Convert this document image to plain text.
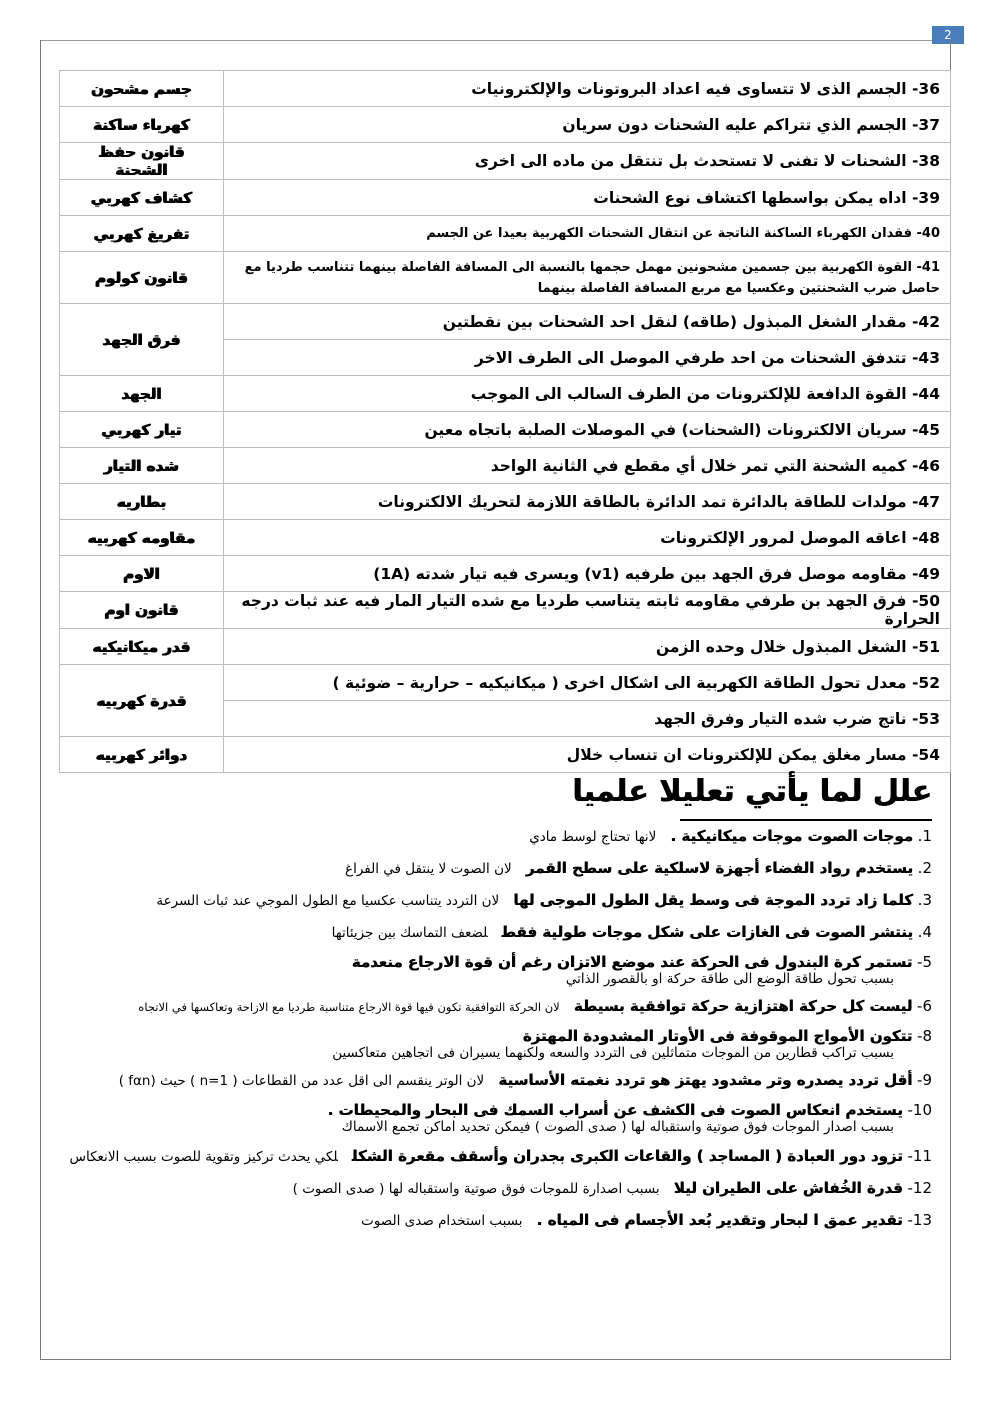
2
36- الجسم الذى لا تتساوى فيه اعداد البروتونات والإلكترونيات	جسم مشحون
37- الجسم الذي تتراكم عليه الشحنات دون سريان	كهرباء ساكنة
38- الشحنات لا تفنى لا تستحدث بل تنتقل من ماده الى اخرى	قانون حفظ الشحنة
39- اداه يمكن بواسطها اكتشاف نوع الشحنات	كشاف كهربي
40- فقدان الكهرباء الساكنة الناتجة عن انتقال الشحنات الكهربية بعيدا عن الجسم	تفريغ كهربي
41- القوة الكهربية بين جسمين مشحونين مهمل حجمها بالنسبة الى المسافة الفاصلة بينهما تتناسب طرديا مع حاصل ضرب الشحنتين وعكسيا مع مربع المسافة الفاصلة بينهما	قانون كولوم
42- مقدار الشغل المبذول (طاقه) لنقل احد الشحنات بين نقطتين	فرق الجهد
43- تتدفق الشحنات من احد طرفي الموصل الى الطرف الاخر	
44- القوة الدافعة للإلكترونات من الطرف السالب الى الموجب	الجهد
45- سريان الالكترونات (الشحنات) في الموصلات الصلبة باتجاه معين	تيار كهربي
46- كميه الشحنة التي تمر خلال أي مقطع في الثانية الواحد	شده التيار
47- مولدات للطاقة بالدائرة تمد الدائرة بالطاقة اللازمة لتحريك الالكترونات	بطاريه
48- اعاقه الموصل لمرور الإلكترونات	مقاومه كهربيه
49- مقاومه موصل فرق الجهد بين طرفيه (v1) ويسرى فيه تيار شدته (1A)	الاوم
50- فرق الجهد بن طرفي مقاومه ثابته يتناسب طرديا مع شده التيار المار فيه عند ثبات درجه الحرارة	قانون اوم
51- الشغل المبذول خلال وحده الزمن	قدر ميكانيكيه
52- معدل تحول الطاقة الكهربية الى اشكال اخرى ( ميكانيكيه – حرارية – ضوئية )	قدرة كهربيه
53- ناتج ضرب شده التيار وفرق الجهد	
54- مسار مغلق يمكن للإلكترونات ان تنساب خلال	دوائر كهربيه
علل لما يأتي تعليلا علميا

1. موجات الصوت موجات ميكانيكية .لانها تحتاج لوسط مادي

2. يستخدم رواد الفضاء أجهزة لاسلكية على سطح القمرلان الصوت لا ينتقل في الفراغ

3. كلما زاد تردد الموجة فى وسط يقل الطول الموجى لهالان التردد يتناسب عكسيا مع الطول الموجي عند ثبات السرعة

4. ينتشر الصوت فى الغازات على شكل موجات طولية فقطلضعف التماسك بين جزيئاتها

5- تستمر كرة البندول فى الحركة عند موضع الاتزان رغم أن قوة الارجاع منعدمة
بسبب تحول طاقة الوضع الى طاقة حركة او بالقصور الذاتي

6- ليست كل حركة اهتزازية حركة توافقية بسيطةلان الحركة التوافقية تكون فيها قوة الارجاع متناسبة طرديا مع الازاحة وتعاكسها في الاتجاه

8- تتكون الأمواج الموقوفة فى الأوتار المشدودة المهتزة
بسبب تراكب قطارين من الموجات متماثلين فى التردد والسعه ولكنهما يسيران فى اتجاهين متعاكسين

9- أقل تردد يصدره وتر مشدود يهتز هو تردد نغمته الأساسيةلان الوتر ينقسم الى اقل عدد من القطاعات ( n=1 ) حيث (fαn )

10- يستخدم انعكاس الصوت فى الكشف عن أسراب السمك فى البحار والمحيطات .
بسبب اصدار الموجات فوق صوتية واستقباله لها ( صدى الصوت ) فيمكن تحديد اماكن تجمع الاسماك

11- تزود دور العبادة ( المساجد ) والقاعات الكبرى بجدران وأسقف مقعرة الشكللكي يحدث تركيز وتقوية للصوت بسبب الانعكاس

12- قدرة الخُفاش على الطيران ليلابسبب اصدارة للموجات فوق صوتية واستقباله لها ( صدى الصوت )

13- تقدير عمق ا لبحار وتقدير بُعد الأجسام فى المياه .بسبب استخدام صدى الصوت
